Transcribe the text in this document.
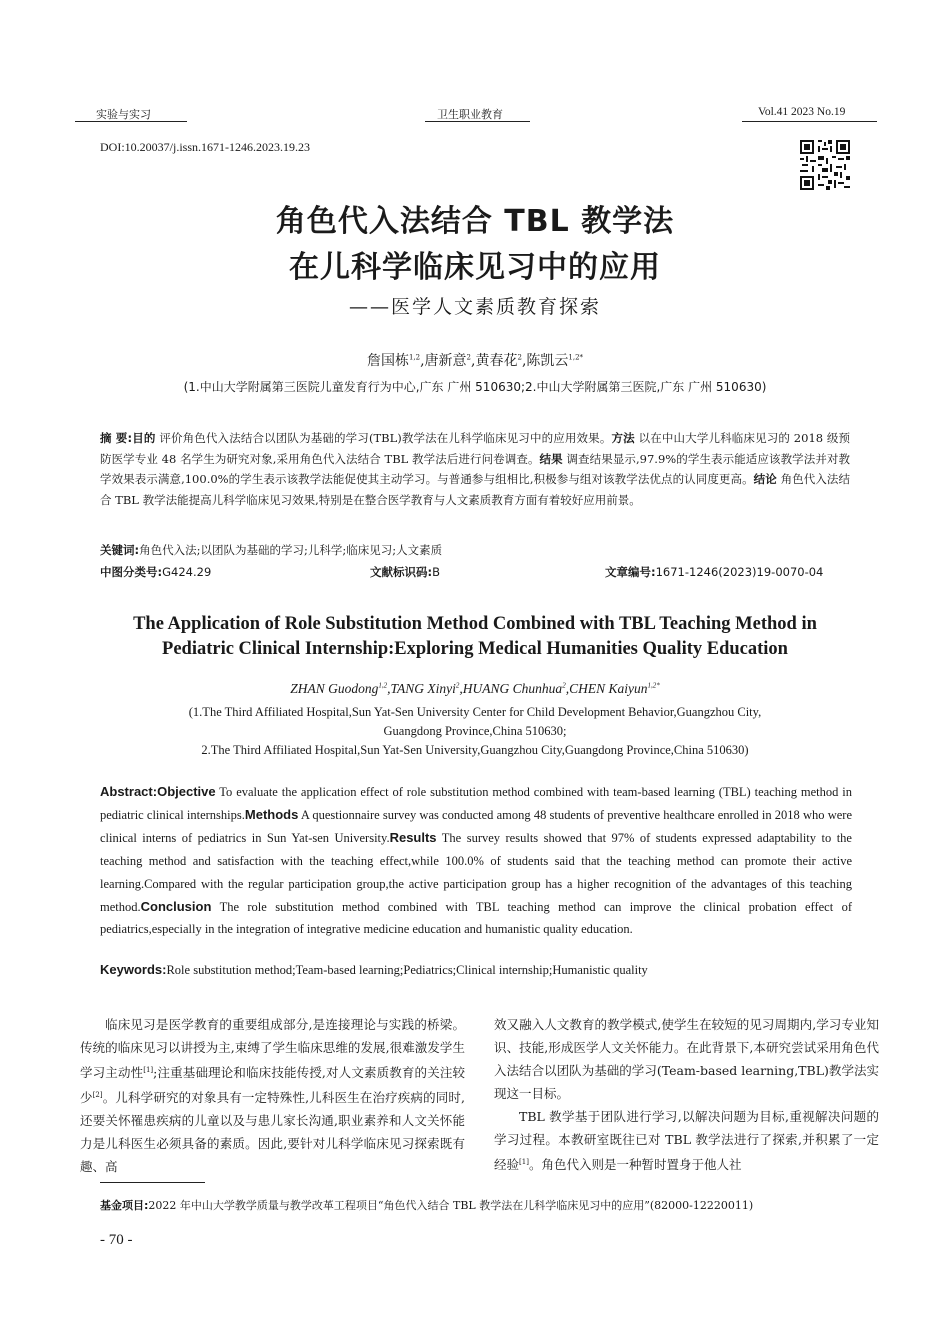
实验与实习	卫生职业教育	Vol.41 2023 No.19
DOI:10.20037/j.issn.1671-1246.2023.19.23
角色代入法结合 TBL 教学法
在儿科学临床见习中的应用
——医学人文素质教育探索
詹国栋$^{1,2}$,唐新意$^2$,黄春花$^2$,陈凯云$^{1,2*}$
(1.中山大学附属第三医院儿童发育行为中心,广东 广州 510630;2.中山大学附属第三医院,广东 广州 510630)
摘 要:目的 评价角色代入法结合以团队为基础的学习(TBL)教学法在儿科学临床见习中的应用效果。方法 以在中山大学儿科临床见习的 2018 级预防医学专业 48 名学生为研究对象,采用角色代入法结合 TBL 教学法后进行问卷调查。结果 调查结果显示,97.9%的学生表示能适应该教学法并对教学效果表示满意,100.0%的学生表示该教学法能促使其主动学习。与普通参与组相比,积极参与组对该教学法优点的认同度更高。结论 角色代入法结合 TBL 教学法能提高儿科学临床见习效果,特别是在整合医学教育与人文素质教育方面有着较好应用前景。
关键词:角色代入法;以团队为基础的学习;儿科学;临床见习;人文素质
中图分类号:G424.29	文献标识码:B	文章编号:1671-1246(2023)19-0070-04
The Application of Role Substitution Method Combined with TBL Teaching Method in
Pediatric Clinical Internship:Exploring Medical Humanities Quality Education
ZHAN Guodong$^{1,2}$,TANG Xinyi$^2$,HUANG Chunhua$^2$,CHEN Kaiyun$^{1,2*}$
(1.The Third Affiliated Hospital,Sun Yat-Sen University Center for Child Development Behavior,Guangzhou City,
Guangdong Province,China 510630;
2.The Third Affiliated Hospital,Sun Yat-Sen University,Guangzhou City,Guangdong Province,China 510630)
Abstract:Objective To evaluate the application effect of role substitution method combined with team-based learning (TBL) teaching method in pediatric clinical internships.Methods A questionnaire survey was conducted among 48 students of preventive healthcare enrolled in 2018 who were clinical interns of pediatrics in Sun Yat-sen University.Results The survey results showed that 97% of students expressed adaptability to the teaching method and satisfaction with the teaching effect,while 100.0% of students said that the teaching method can promote their active learning.Compared with the regular participation group,the active participation group has a higher recognition of the advantages of this teaching method.Conclusion The role substitution method combined with TBL teaching method can improve the clinical probation effect of pediatrics,especially in the integration of integrative medicine education and humanistic quality education.
Keywords:Role substitution method;Team-based learning;Pediatrics;Clinical internship;Humanistic quality

临床见习是医学教育的重要组成部分,是连接理论与实践的桥梁。传统的临床见习以讲授为主,束缚了学生临床思维的发展,很难激发学生学习主动性[1];注重基础理论和临床技能传授,对人文素质教育的关注较少[2]。儿科学研究的对象具有一定特殊性,儿科医生在治疗疾病的同时,还要关怀罹患疾病的儿童以及与患儿家长沟通,职业素养和人文关怀能力是儿科医生必须具备的素质。因此,要针对儿科学临床见习探索既有趣、高

效又融入人文教育的教学模式,使学生在较短的见习周期内,学习专业知识、技能,形成医学人文关怀能力。在此背景下,本研究尝试采用角色代入法结合以团队为基础的学习(Team-based learning,TBL)教学法实现这一目标。

TBL 教学基于团队进行学习,以解决问题为目标,重视解决问题的学习过程。本教研室既往已对 TBL 教学法进行了探索,并积累了一定经验[1]。角色代入则是一种暂时置身于他人社

基金项目:2022 年中山大学教学质量与教学改革工程项目“角色代入结合 TBL 教学法在儿科学临床见习中的应用”(82000-12220011)
- 70 -
